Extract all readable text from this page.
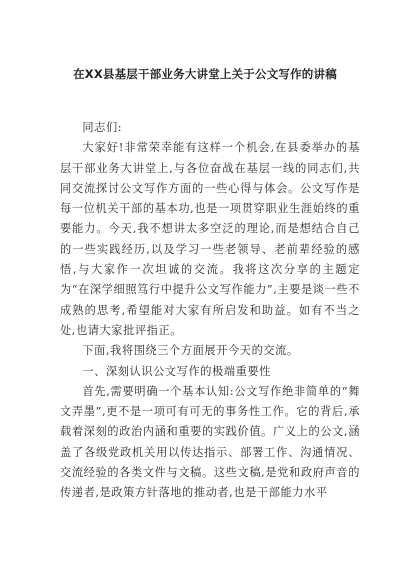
在XX县基层干部业务大讲堂上关于公文写作的讲稿

同志们:

大家好!非常荣幸能有这样一个机会,在县委举办的基层干部业务大讲堂上,与各位奋战在基层一线的同志们,共同交流探讨公文写作方面的一些心得与体会。公文写作是每一位机关干部的基本功,也是一项贯穿职业生涯始终的重要能力。今天,我不想讲太多空泛的理论,而是想结合自己的一些实践经历,以及学习一些老领导、老前辈经验的感悟,与大家作一次坦诚的交流。我将这次分享的主题定为“在深学细照笃行中提升公文写作能力”,主要是谈一些不成熟的思考,希望能对大家有所启发和助益。如有不当之处,也请大家批评指正。

下面,我将围绕三个方面展开今天的交流。

一、深刻认识公文写作的极端重要性

首先,需要明确一个基本认知:公文写作绝非简单的“舞文弄墨”,更不是一项可有可无的事务性工作。它的背后,承载着深刻的政治内涵和重要的实践价值。广义上的公文,涵盖了各级党政机关用以传达指示、部署工作、沟通情况、交流经验的各类文件与文稿。这些文稿,是党和政府声音的传递者,是政策方针落地的推动者,也是干部能力水平
